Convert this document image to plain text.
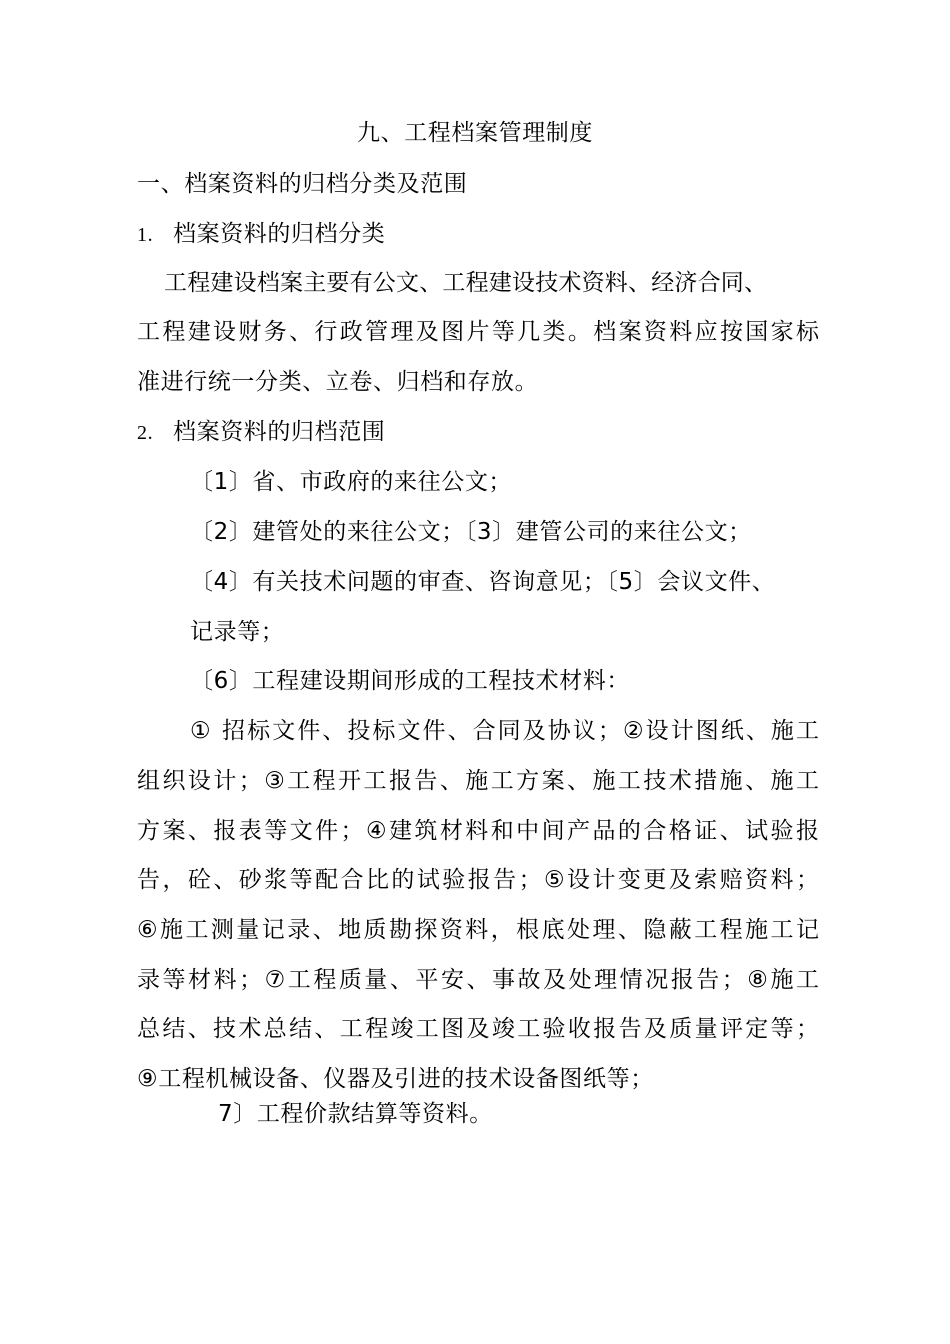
九、工程档案管理制度
一、档案资料的归档分类及范围
1. 档案资料的归档分类
工程建设档案主要有公文、工程建设技术资料、经济合同、
工程建设财务、行政管理及图片等几类。档案资料应按国家标
准进行统一分类、立卷、归档和存放。
2. 档案资料的归档范围
〔1〕省、市政府的来往公文；
〔2〕建管处的来往公文；〔3〕建管公司的来往公文；
〔4〕有关技术问题的审查、咨询意见；〔5〕会议文件、
记录等；
〔6〕工程建设期间形成的工程技术材料：
① 招标文件、投标文件、合同及协议；②设计图纸、施工
组织设计；③工程开工报告、施工方案、施工技术措施、施工
方案、报表等文件；④建筑材料和中间产品的合格证、试验报
告，砼、砂浆等配合比的试验报告；⑤设计变更及索赔资料；
⑥施工测量记录、地质勘探资料，根底处理、隐蔽工程施工记
录等材料；⑦工程质量、平安、事故及处理情况报告；⑧施工
总结、技术总结、工程竣工图及竣工验收报告及质量评定等；
⑨工程机械设备、仪器及引进的技术设备图纸等；
7〕工程价款结算等资料。
